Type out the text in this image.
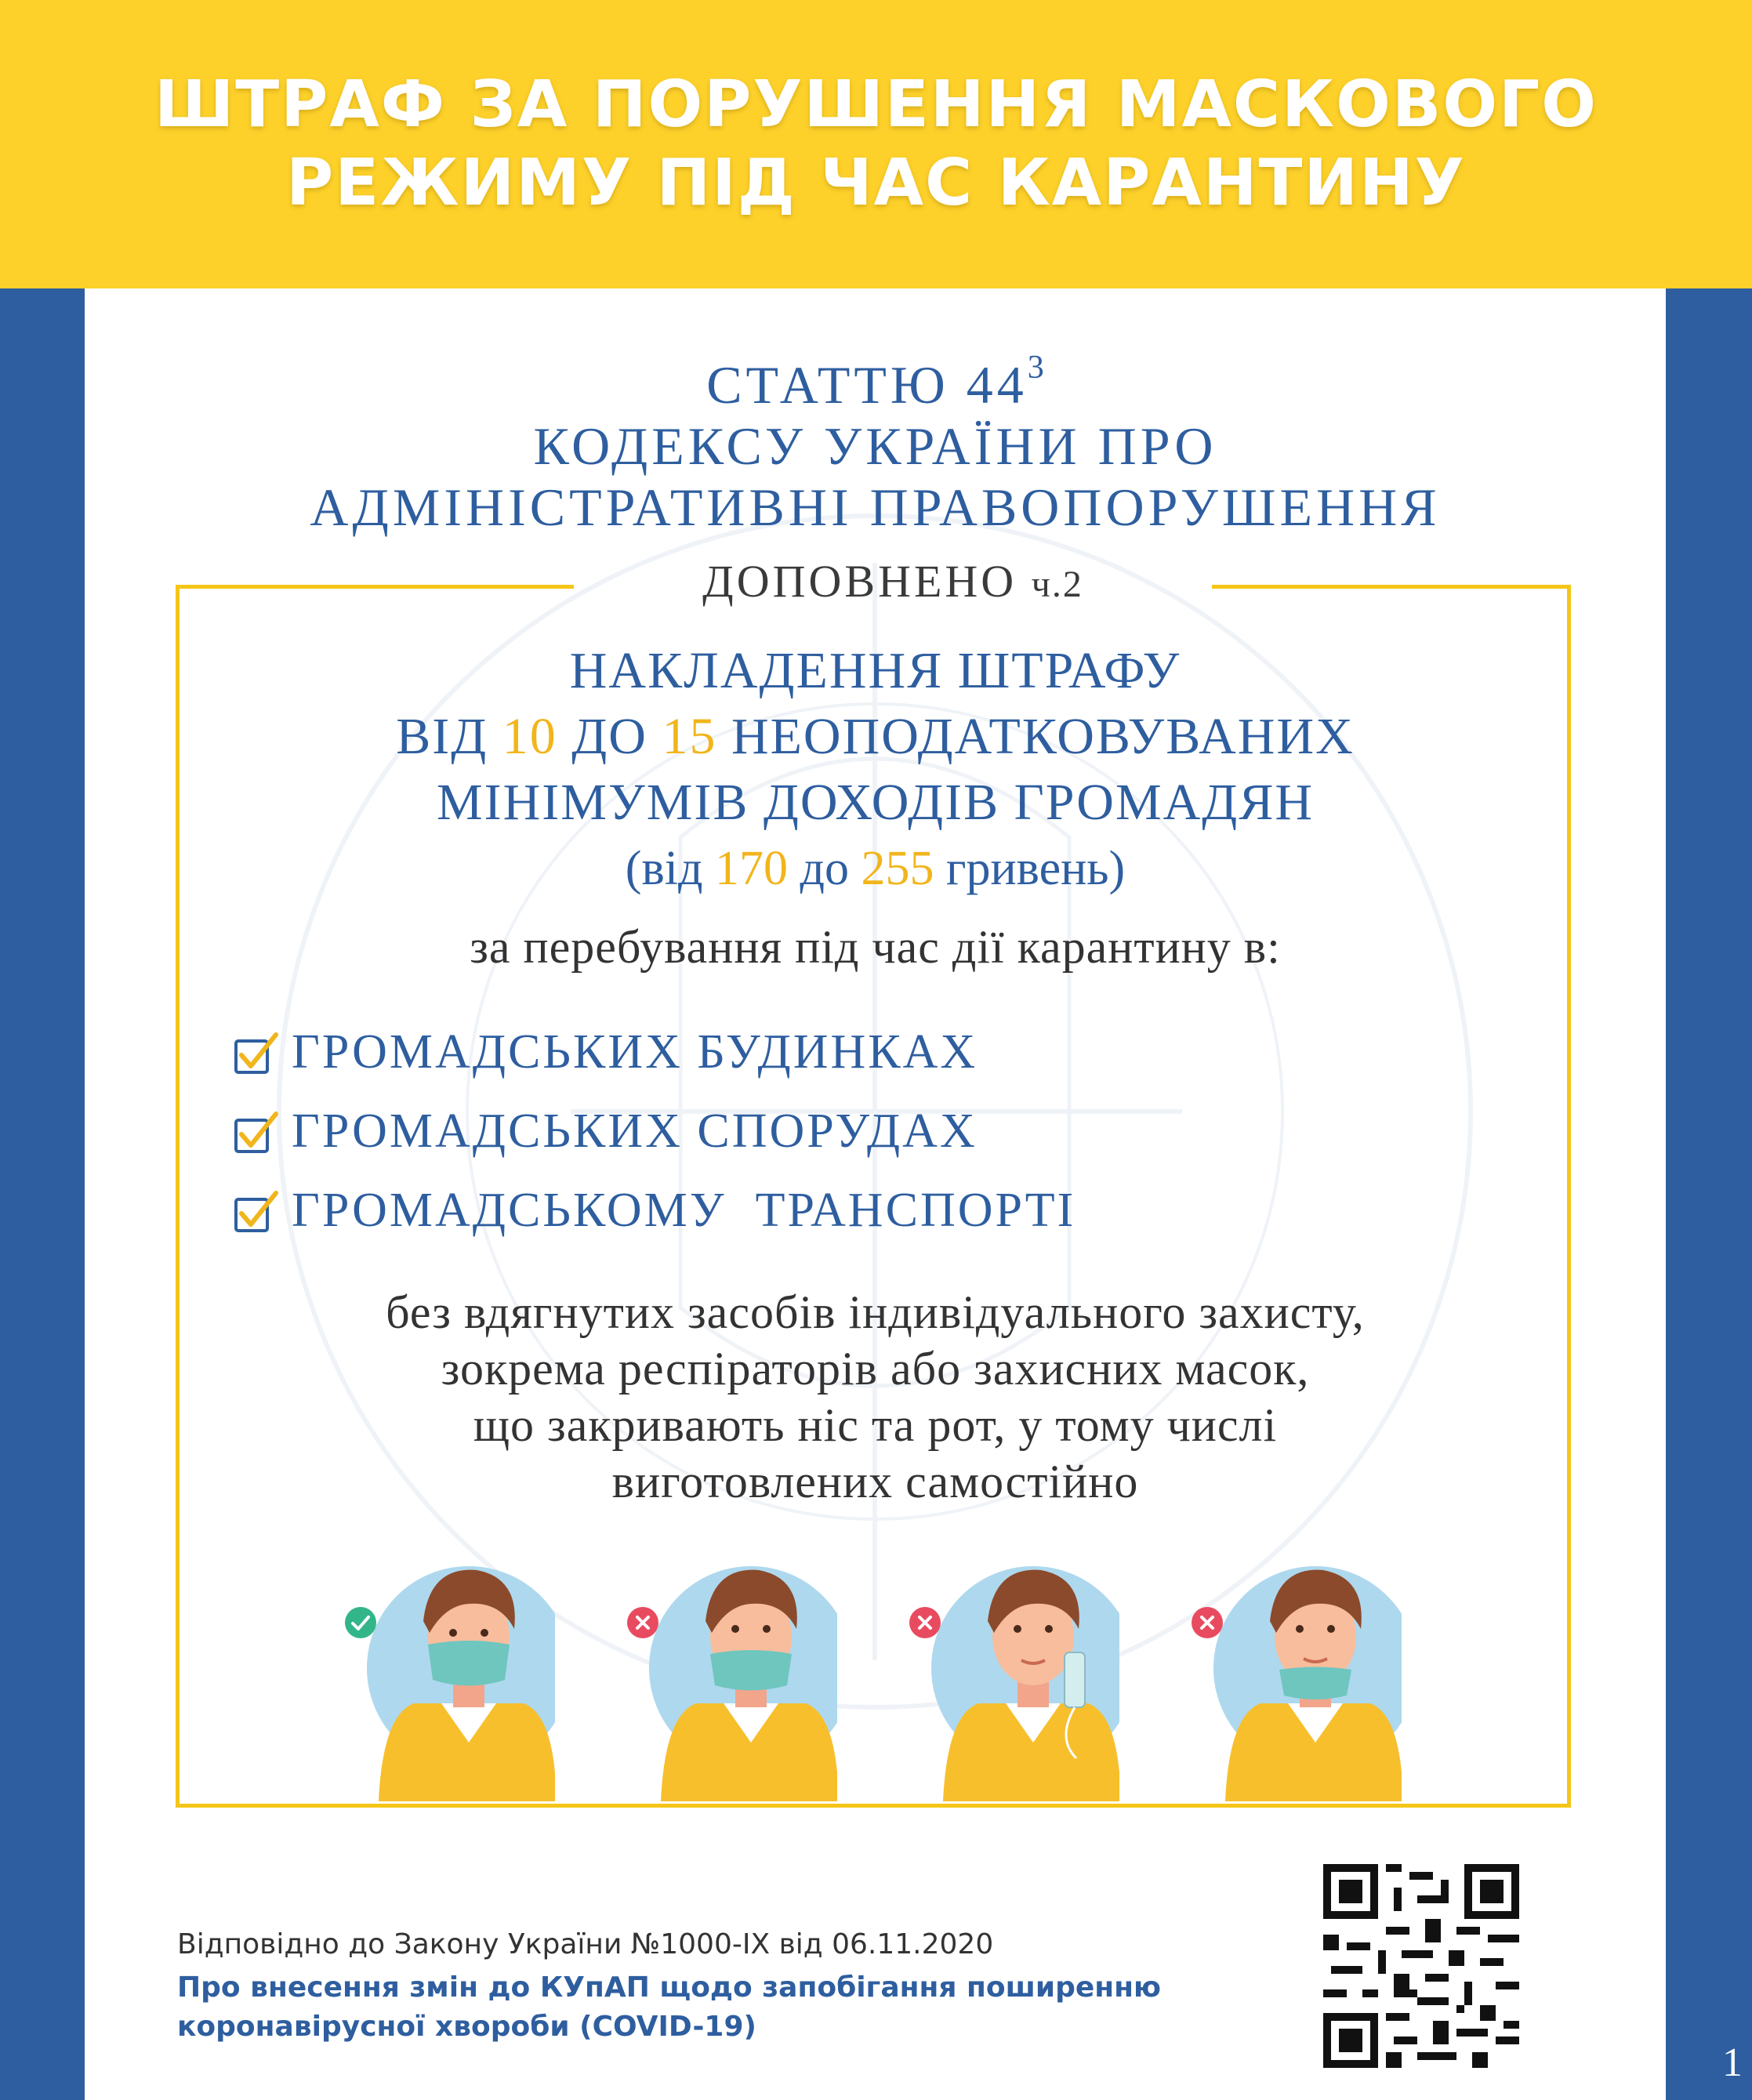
ШТРАФ ЗА ПОРУШЕННЯ МАСКОВОГО
РЕЖИМУ ПІД ЧАС КАРАНТИНУ
1
СТАТТЮ $44^3$
КОДЕКСУ УКРАЇНИ ПРО
АДМІНІСТРАТИВНІ ПРАВОПОРУШЕННЯ
ДОПОВНЕНО ч.2
НАКЛАДЕННЯ ШТРАФУ
ВІД 10 ДО 15 НЕОПОДАТКОВУВАНИХ
МІНІМУМІВ ДОХОДІВ ГРОМАДЯН
(від 170 до 255 гривень)
за перебування під час дії карантину в:
ГРОМАДСЬКИХ БУДИНКАХ
ГРОМАДСЬКИХ СПОРУДАХ
ГРОМАДСЬКОМУ  ТРАНСПОРТІ
без вдягнутих засобів індивідуального захисту,
зокрема респіраторів або захисних масок,
що закривають ніс та рот, у тому числі
виготовлених самостійно
Відповідно до Закону України №1000-IX від 06.11.2020
Про внесення змін до КУпАП щодо запобігання поширенню
коронавірусної хвороби (COVID-19)
